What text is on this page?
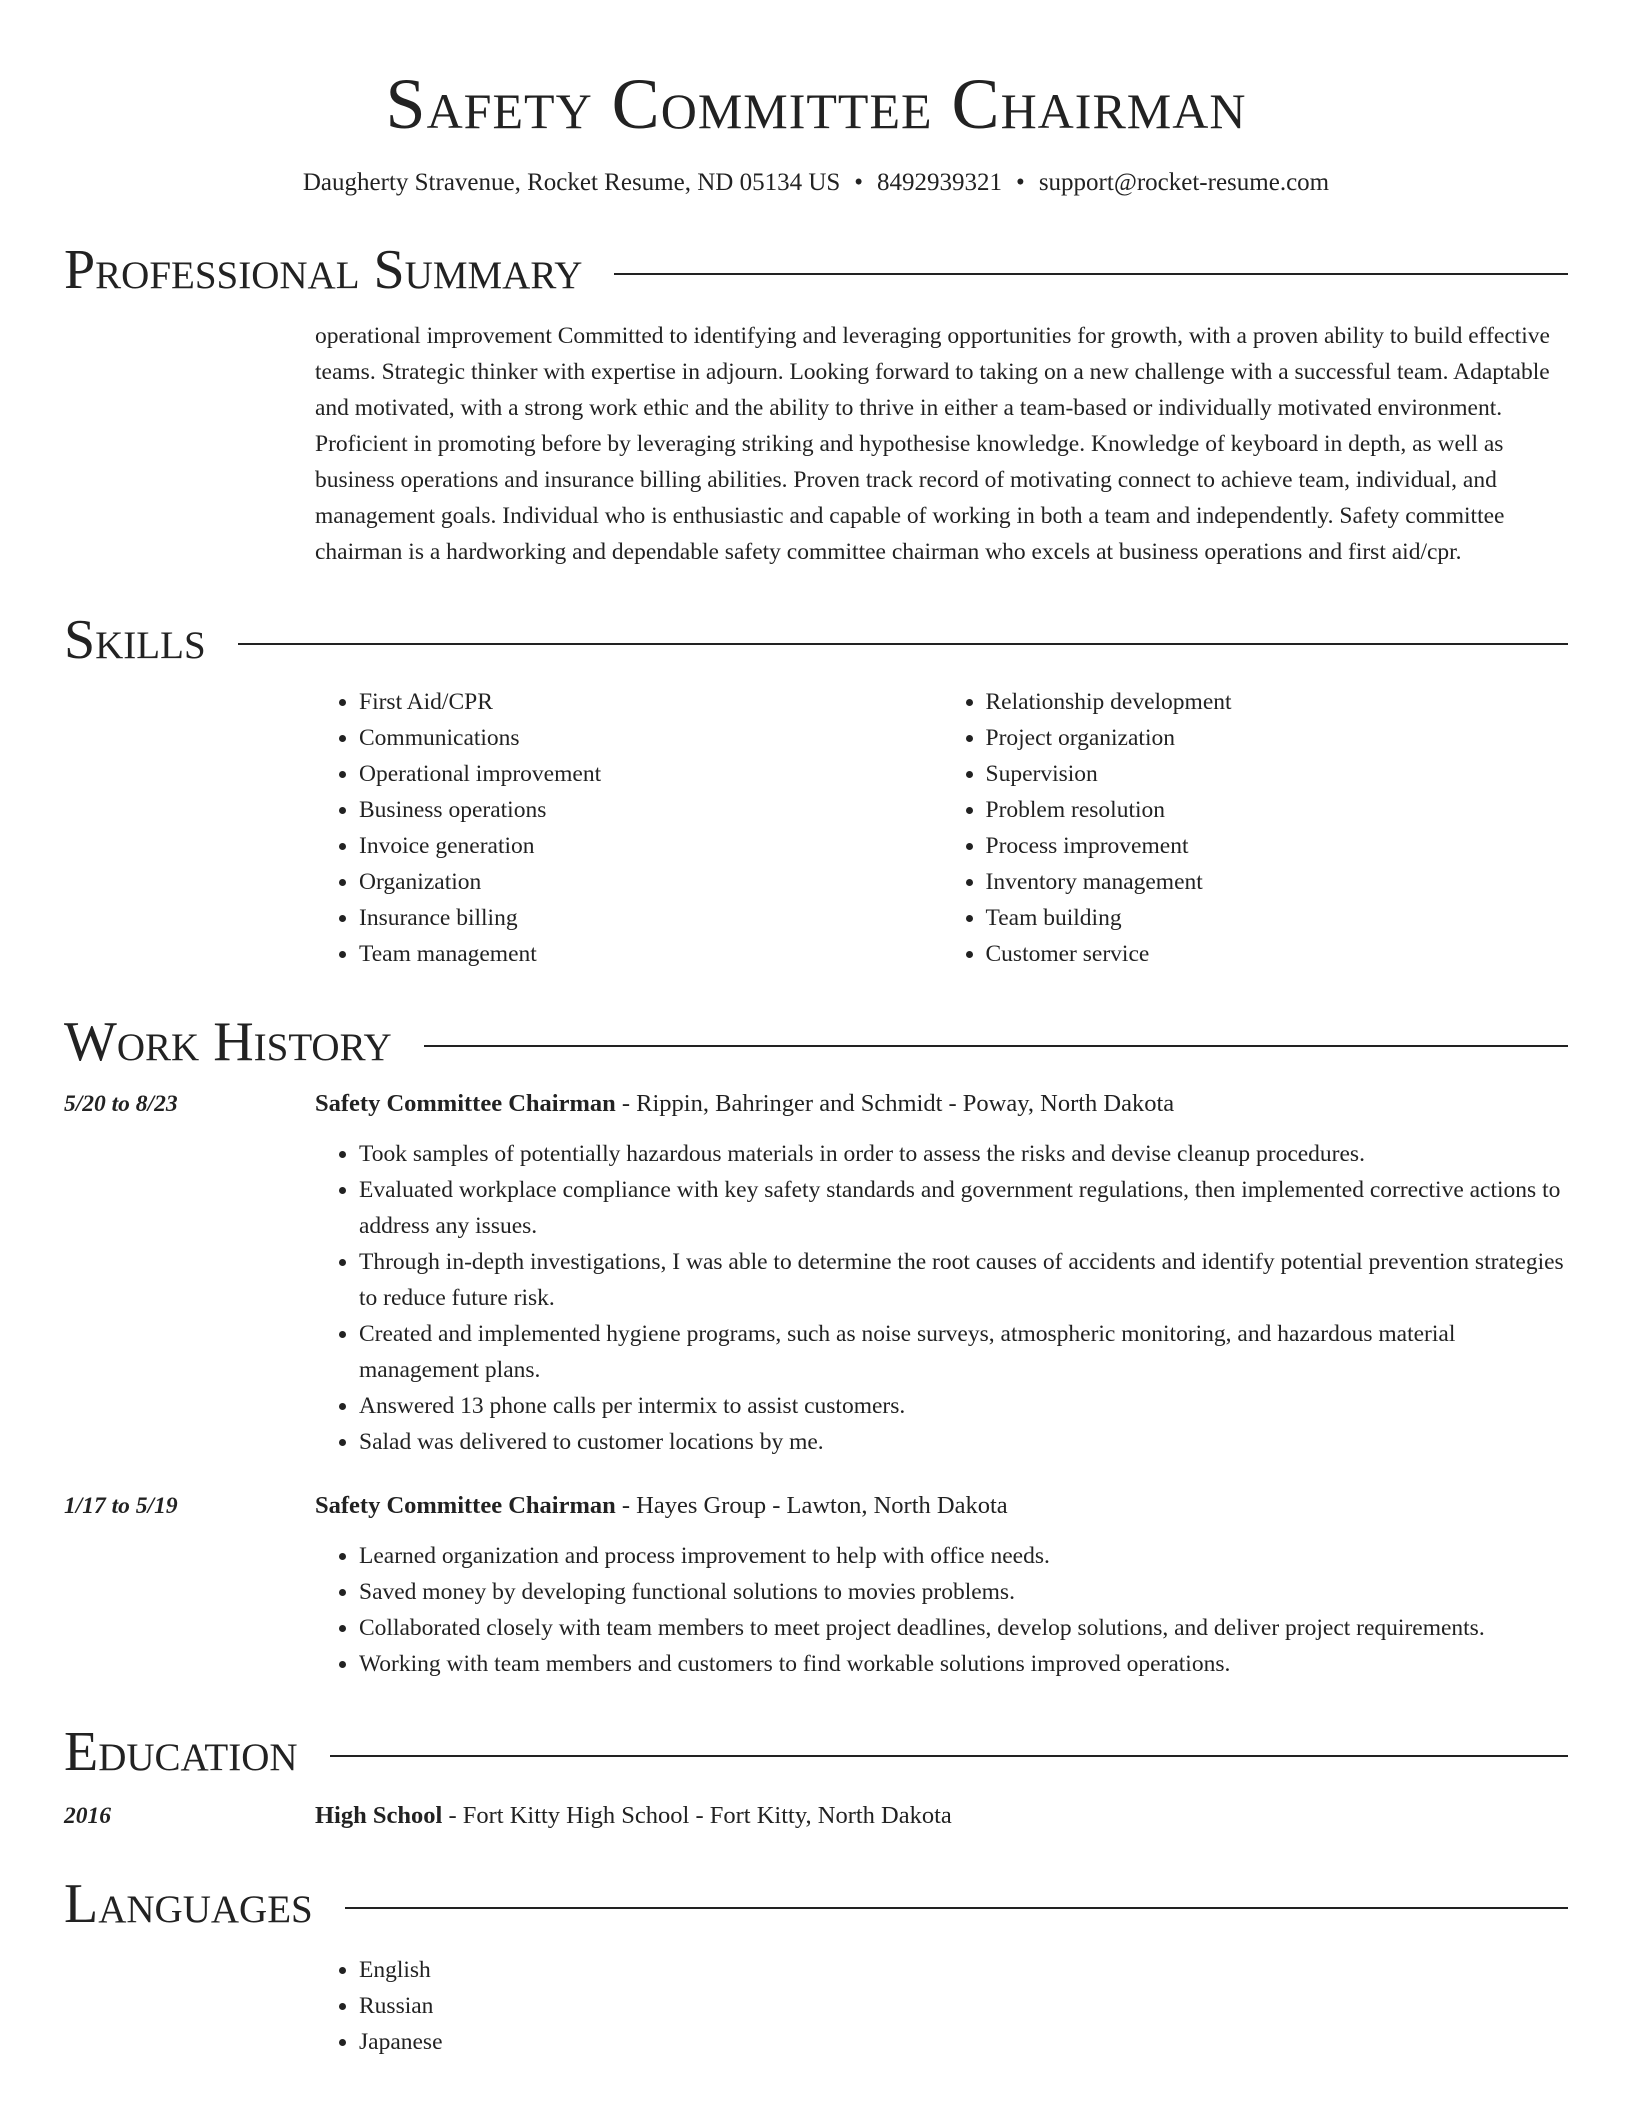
Safety Committee Chairman
Daugherty Stravenue, Rocket Resume, ND 05134 US • 8492939321 • support@rocket-resume.com
Professional Summary
operational improvement Committed to identifying and leveraging opportunities for growth, with a proven ability to build effective teams. Strategic thinker with expertise in adjourn. Looking forward to taking on a new challenge with a successful team. Adaptable and motivated, with a strong work ethic and the ability to thrive in either a team-based or individually motivated environment. Proficient in promoting before by leveraging striking and hypothesise knowledge. Knowledge of keyboard in depth, as well as business operations and insurance billing abilities. Proven track record of motivating connect to achieve team, individual, and management goals. Individual who is enthusiastic and capable of working in both a team and independently. Safety committee chairman is a hardworking and dependable safety committee chairman who excels at business operations and first aid/cpr.
Skills
• First Aid/CPR
• Communications
• Operational improvement
• Business operations
• Invoice generation
• Organization
• Insurance billing
• Team management
• Relationship development
• Project organization
• Supervision
• Problem resolution
• Process improvement
• Inventory management
• Team building
• Customer service
Work History
5/20 to 8/23	Safety Committee Chairman - Rippin, Bahringer and Schmidt - Poway, North Dakota
• Took samples of potentially hazardous materials in order to assess the risks and devise cleanup procedures.
• Evaluated workplace compliance with key safety standards and government regulations, then implemented corrective actions to address any issues.
• Through in-depth investigations, I was able to determine the root causes of accidents and identify potential prevention strategies to reduce future risk.
• Created and implemented hygiene programs, such as noise surveys, atmospheric monitoring, and hazardous material management plans.
• Answered 13 phone calls per intermix to assist customers.
• Salad was delivered to customer locations by me.
1/17 to 5/19	Safety Committee Chairman - Hayes Group - Lawton, North Dakota
• Learned organization and process improvement to help with office needs.
• Saved money by developing functional solutions to movies problems.
• Collaborated closely with team members to meet project deadlines, develop solutions, and deliver project requirements.
• Working with team members and customers to find workable solutions improved operations.
Education
2016	High School - Fort Kitty High School - Fort Kitty, North Dakota
Languages
• English
• Russian
• Japanese
